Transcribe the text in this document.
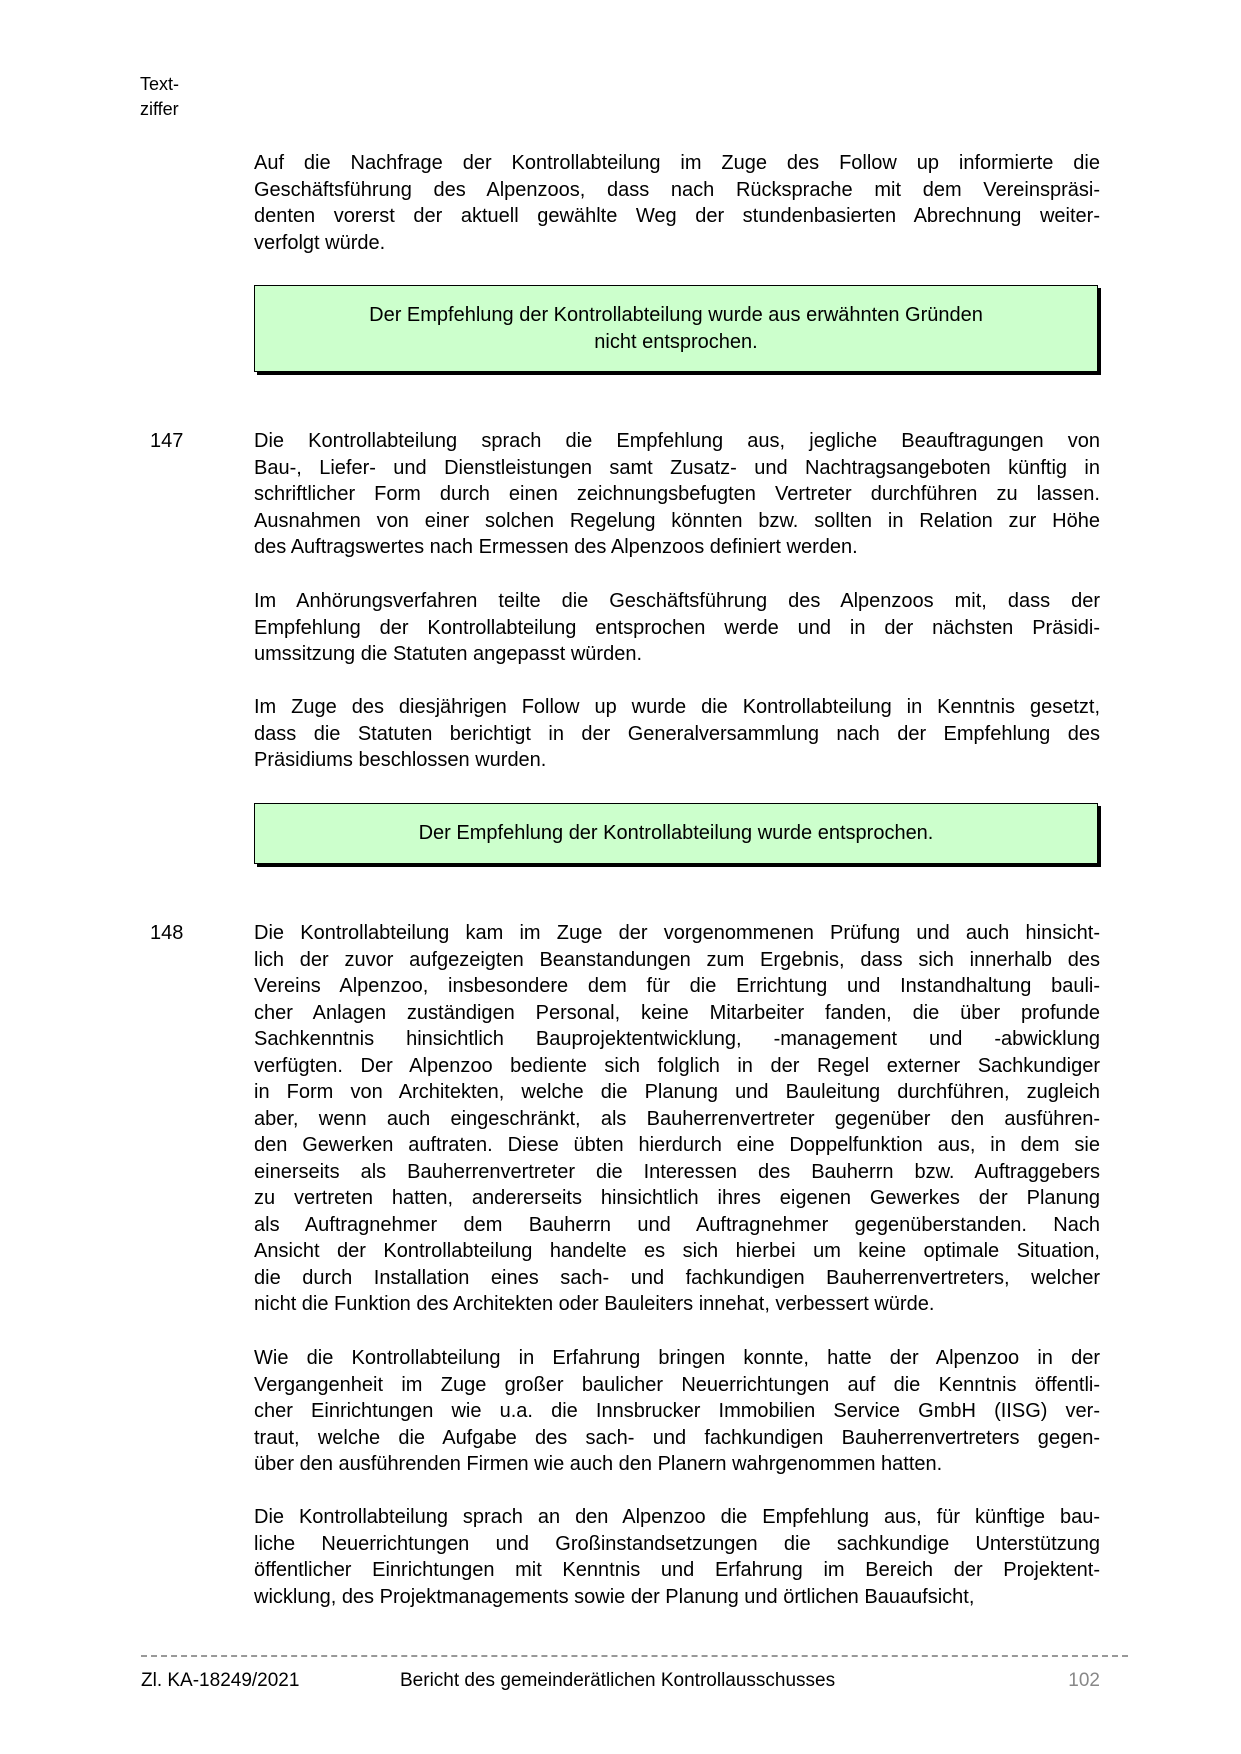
Text-
ziffer
Auf die Nachfrage der Kontrollabteilung im Zuge des Follow up informierte die
Geschäftsführung des Alpenzoos, dass nach Rücksprache mit dem Vereinspräsi-
denten vorerst der aktuell gewählte Weg der stundenbasierten Abrechnung weiter-
verfolgt würde.
Der Empfehlung der Kontrollabteilung wurde aus erwähnten Gründen
nicht entsprochen.
147	Die Kontrollabteilung sprach die Empfehlung aus, jegliche Beauftragungen von
Bau-, Liefer- und Dienstleistungen samt Zusatz- und Nachtragsangeboten künftig in
schriftlicher Form durch einen zeichnungsbefugten Vertreter durchführen zu lassen.
Ausnahmen von einer solchen Regelung könnten bzw. sollten in Relation zur Höhe
des Auftragswertes nach Ermessen des Alpenzoos definiert werden.
Im Anhörungsverfahren teilte die Geschäftsführung des Alpenzoos mit, dass der
Empfehlung der Kontrollabteilung entsprochen werde und in der nächsten Präsidi-
umssitzung die Statuten angepasst würden.
Im Zuge des diesjährigen Follow up wurde die Kontrollabteilung in Kenntnis gesetzt,
dass die Statuten berichtigt in der Generalversammlung nach der Empfehlung des
Präsidiums beschlossen wurden.
Der Empfehlung der Kontrollabteilung wurde entsprochen.
148	Die Kontrollabteilung kam im Zuge der vorgenommenen Prüfung und auch hinsicht-
lich der zuvor aufgezeigten Beanstandungen zum Ergebnis, dass sich innerhalb des
Vereins Alpenzoo, insbesondere dem für die Errichtung und Instandhaltung bauli-
cher Anlagen zuständigen Personal, keine Mitarbeiter fanden, die über profunde
Sachkenntnis hinsichtlich Bauprojektentwicklung, -management und -abwicklung
verfügten. Der Alpenzoo bediente sich folglich in der Regel externer Sachkundiger
in Form von Architekten, welche die Planung und Bauleitung durchführen, zugleich
aber, wenn auch eingeschränkt, als Bauherrenvertreter gegenüber den ausführen-
den Gewerken auftraten. Diese übten hierdurch eine Doppelfunktion aus, in dem sie
einerseits als Bauherrenvertreter die Interessen des Bauherrn bzw. Auftraggebers
zu vertreten hatten, andererseits hinsichtlich ihres eigenen Gewerkes der Planung
als Auftragnehmer dem Bauherrn und Auftragnehmer gegenüberstanden. Nach
Ansicht der Kontrollabteilung handelte es sich hierbei um keine optimale Situation,
die durch Installation eines sach- und fachkundigen Bauherrenvertreters, welcher
nicht die Funktion des Architekten oder Bauleiters innehat, verbessert würde.
Wie die Kontrollabteilung in Erfahrung bringen konnte, hatte der Alpenzoo in der
Vergangenheit im Zuge großer baulicher Neuerrichtungen auf die Kenntnis öffentli-
cher Einrichtungen wie u.a. die Innsbrucker Immobilien Service GmbH (IISG) ver-
traut, welche die Aufgabe des sach- und fachkundigen Bauherrenvertreters gegen-
über den ausführenden Firmen wie auch den Planern wahrgenommen hatten.
Die Kontrollabteilung sprach an den Alpenzoo die Empfehlung aus, für künftige bau-
liche Neuerrichtungen und Großinstandsetzungen die sachkundige Unterstützung
öffentlicher Einrichtungen mit Kenntnis und Erfahrung im Bereich der Projektent-
wicklung, des Projektmanagements sowie der Planung und örtlichen Bauaufsicht,
Zl. KA-18249/2021	Bericht des gemeinderätlichen Kontrollausschusses	102
